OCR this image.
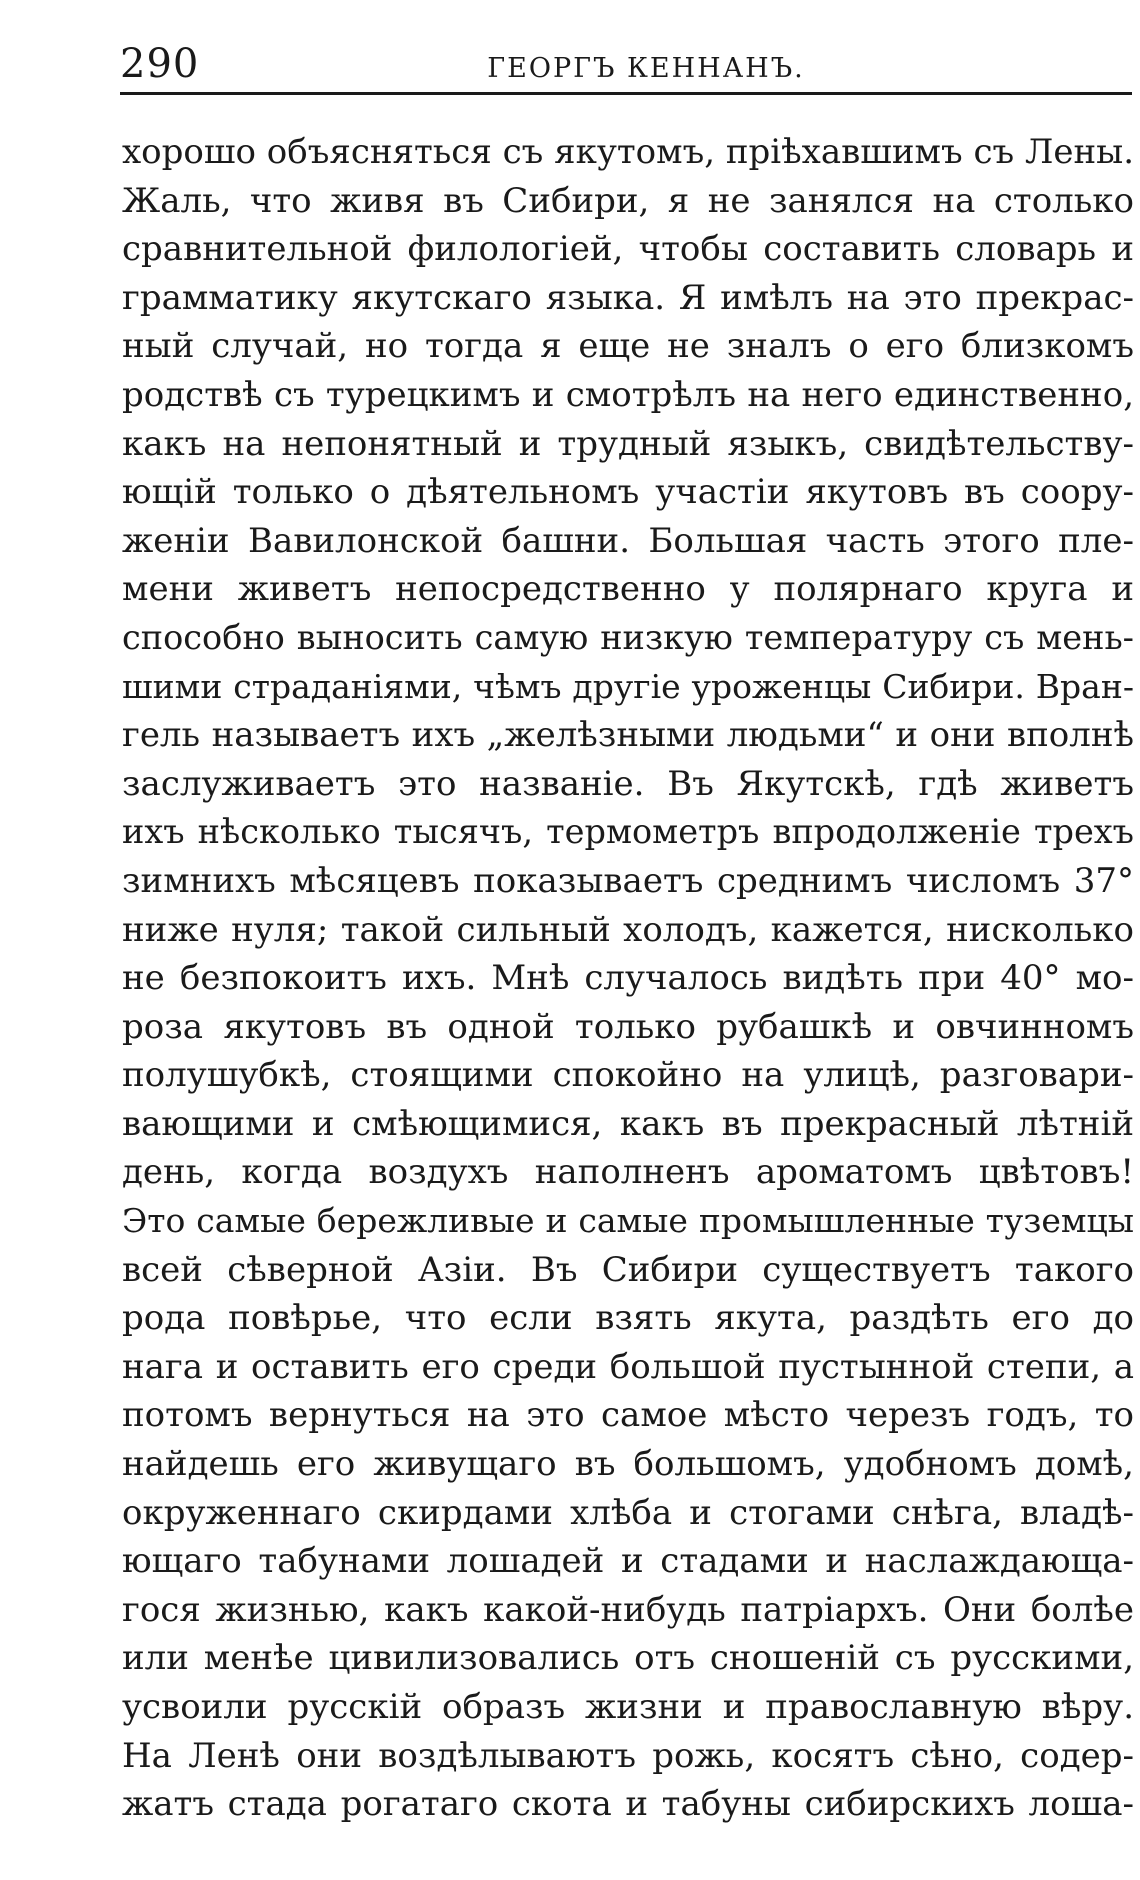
290	ГЕОРГЪ КЕННАНЪ.
хорошо объясняться съ якутомъ, пріѣхавшимъ съ Лены.
Жаль, что живя въ Сибири, я не занялся на столько
сравнительной филологіей, чтобы составить словарь и
грамматику якутскаго языка. Я имѣлъ на это прекрас-
ный случай, но тогда я еще не зналъ о его близкомъ
родствѣ съ турецкимъ и смотрѣлъ на него единственно,
какъ на непонятный и трудный языкъ, свидѣтельству-
ющій только о дѣятельномъ участіи якутовъ въ соору-
женіи Вавилонской башни. Большая часть этого пле-
мени живетъ непосредственно у полярнаго круга и
способно выносить самую низкую температуру съ мень-
шими страданіями, чѣмъ другіе уроженцы Сибири. Вран-
гель называетъ ихъ „желѣзными людьми“ и они вполнѣ
заслуживаетъ это названіе. Въ Якутскѣ, гдѣ живетъ
ихъ нѣсколько тысячъ, термометръ впродолженіе трехъ
зимнихъ мѣсяцевъ показываетъ среднимъ числомъ 37°
ниже нуля; такой сильный холодъ, кажется, нисколько
не безпокоитъ ихъ. Мнѣ случалось видѣть при 40° мо-
роза якутовъ въ одной только рубашкѣ и овчинномъ
полушубкѣ, стоящими спокойно на улицѣ, разговари-
вающими и смѣющимися, какъ въ прекрасный лѣтній
день, когда воздухъ наполненъ ароматомъ цвѣтовъ!
Это самые бережливые и самые промышленные туземцы
всей сѣверной Азіи. Въ Сибири существуетъ такого
рода повѣрье, что если взять якута, раздѣть его до
нага и оставить его среди большой пустынной степи, а
потомъ вернуться на это самое мѣсто черезъ годъ, то
найдешь его живущаго въ большомъ, удобномъ домѣ,
окруженнаго скирдами хлѣба и стогами снѣга, владѣ-
ющаго табунами лошадей и стадами и наслаждающа-
гося жизнью, какъ какой-нибудь патріархъ. Они болѣе
или менѣе цивилизовались отъ сношеній съ русскими,
усвоили русскій образъ жизни и православную вѣру.
На Ленѣ они воздѣлываютъ рожь, косятъ сѣно, содер-
жатъ стада рогатаго скота и табуны сибирскихъ лоша-
